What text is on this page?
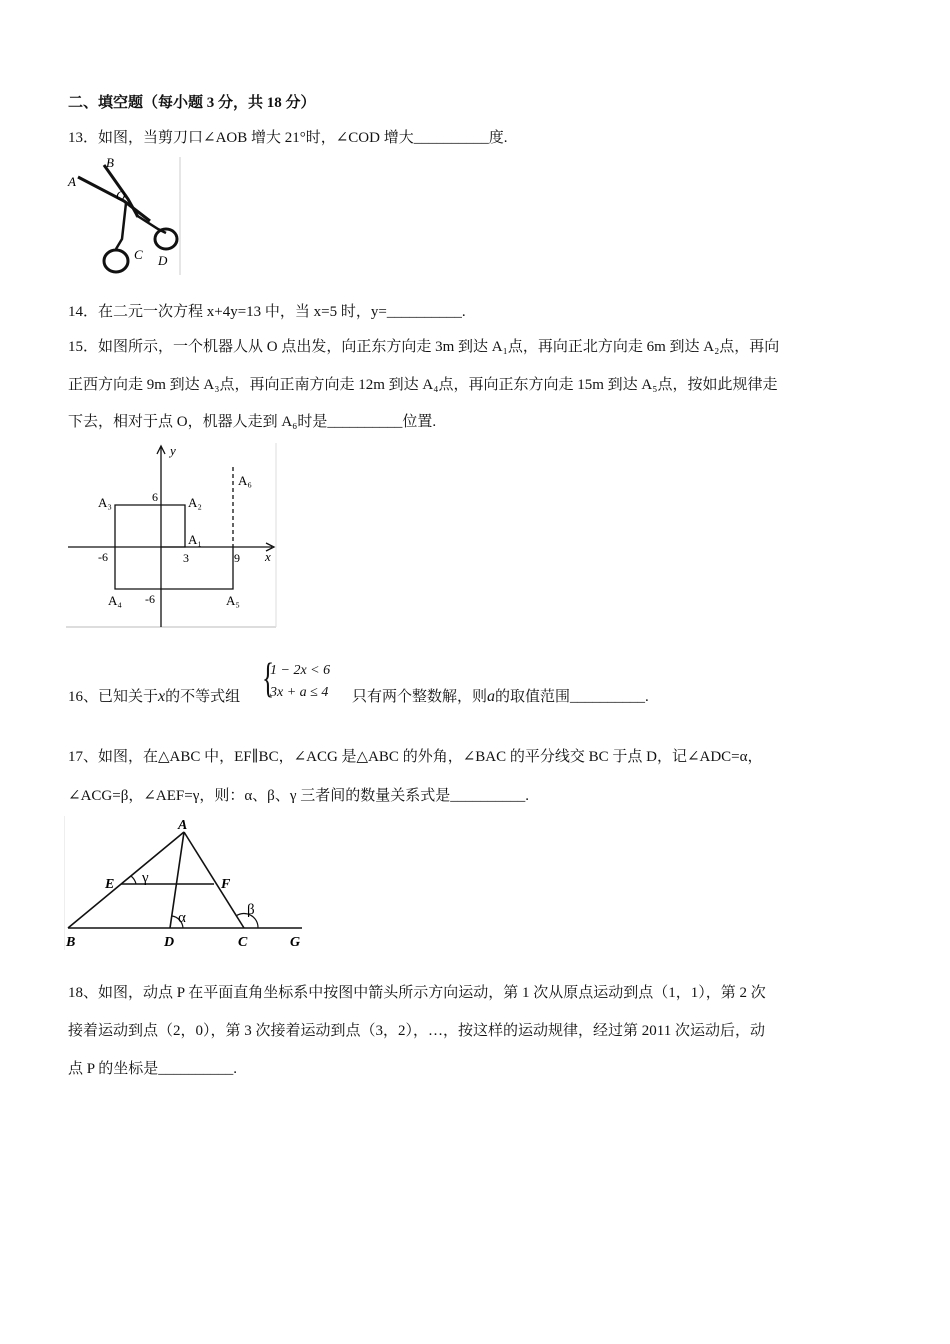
二、填空题（每小题 3 分，共 18 分）
13．如图，当剪刀口∠AOB 增大 21°时，∠COD 增大__________度.
B
A
O
C D
14．在二元一次方程 x+4y=13 中，当 x=5 时，y=__________.
15．如图所示，一个机器人从 O 点出发，向正东方向走 3m 到达 A₁点，再向正北方向走 6m 到达 A₂点，再向
正西方向走 9m 到达 A₃点，再向正南方向走 12m 到达 A₄点，再向正东方向走 15m 到达 A₅点，按如此规律走
下去，相对于点 O，机器人走到 A₆时是__________位置.
y
x
A₆
A₃	6 A₂
A₁
-6	3	9
A₄ -6	A₅
16、已知关于x的不等式组 {
1 − 2x < 6
3x + a ≤ 4 只有两个整数解，则a的取值范围__________.
17、如图，在△ABC 中，EF∥BC，∠ACG 是△ABC 的外角，∠BAC 的平分线交 BC 于点 D，记∠ADC=α，
∠ACG=β，∠AEF=γ，则：α、β、γ 三者间的数量关系式是__________.
A
E γ	F
α	β
B	D	C	G
18、如图，动点 P 在平面直角坐标系中按图中箭头所示方向运动，第 1 次从原点运动到点（1，1），第 2 次
接着运动到点（2，0），第 3 次接着运动到点（3，2），…，按这样的运动规律，经过第 2011 次运动后，动
点 P 的坐标是__________.
